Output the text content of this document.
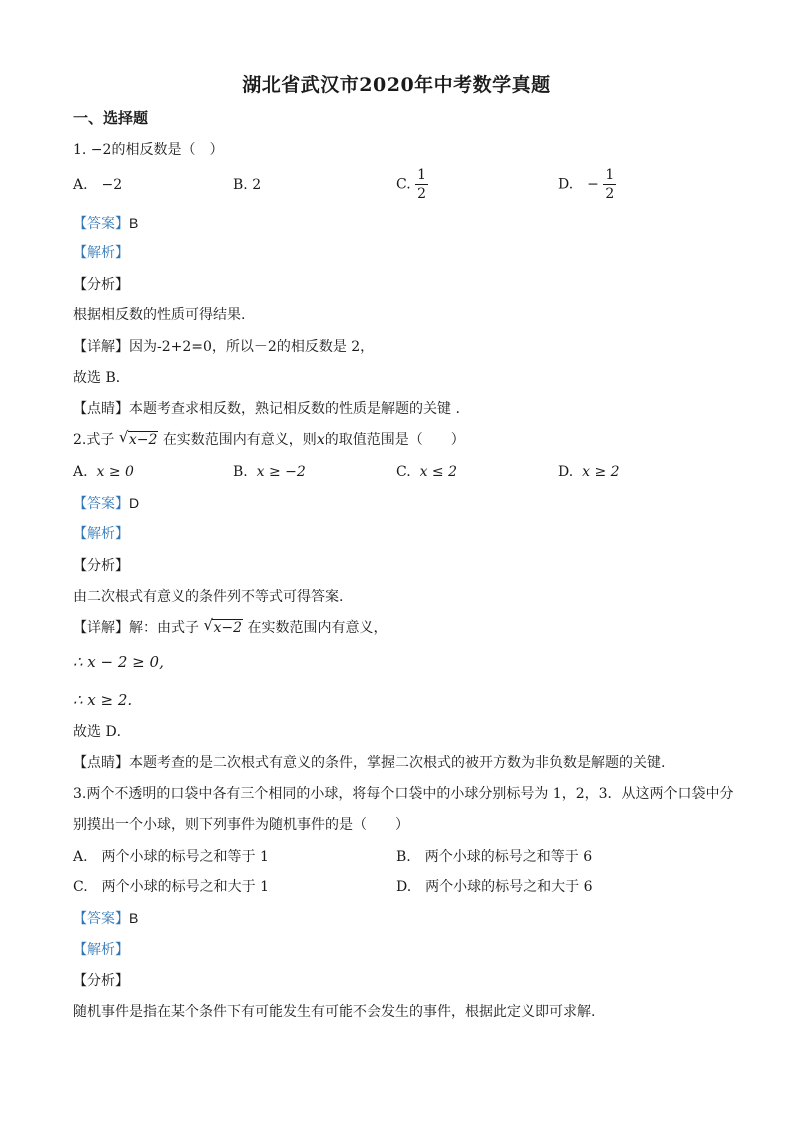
湖北省武汉市2020年中考数学真题
一、选择题
1. −2的相反数是（　）
A.　−2	B. 2	C. $\frac{1}{2}$	D.　− $\frac{1}{2}$
【答案】B
【解析】
【分析】
根据相反数的性质可得结果.
【详解】因为-2+2=0，所以－2的相反数是 2，
故选 B．
【点睛】本题考查求相反数，熟记相反数的性质是解题的关键 .
2.式子 √ x−2 在实数范围内有意义，则x的取值范围是（　　）
A. x ≥ 0	B. x ≥ −2	C. x ≤ 2	D. x ≥ 2
【答案】D
【解析】
【分析】
由二次根式有意义的条件列不等式可得答案.
【详解】解：由式子 √ x−2 在实数范围内有意义，
∴ x − 2 ≥ 0,
∴ x ≥ 2.
故选 D．
【点睛】本题考查的是二次根式有意义的条件，掌握二次根式的被开方数为非负数是解题的关键.
3.两个不透明的口袋中各有三个相同的小球，将每个口袋中的小球分别标号为 1，2，3．从这两个口袋中分
别摸出一个小球，则下列事件为随机事件的是（　　）
A.　两个小球的标号之和等于 1	B.　两个小球的标号之和等于 6
C.　两个小球的标号之和大于 1	D.　两个小球的标号之和大于 6
【答案】B
【解析】
【分析】
随机事件是指在某个条件下有可能发生有可能不会发生的事件，根据此定义即可求解.
